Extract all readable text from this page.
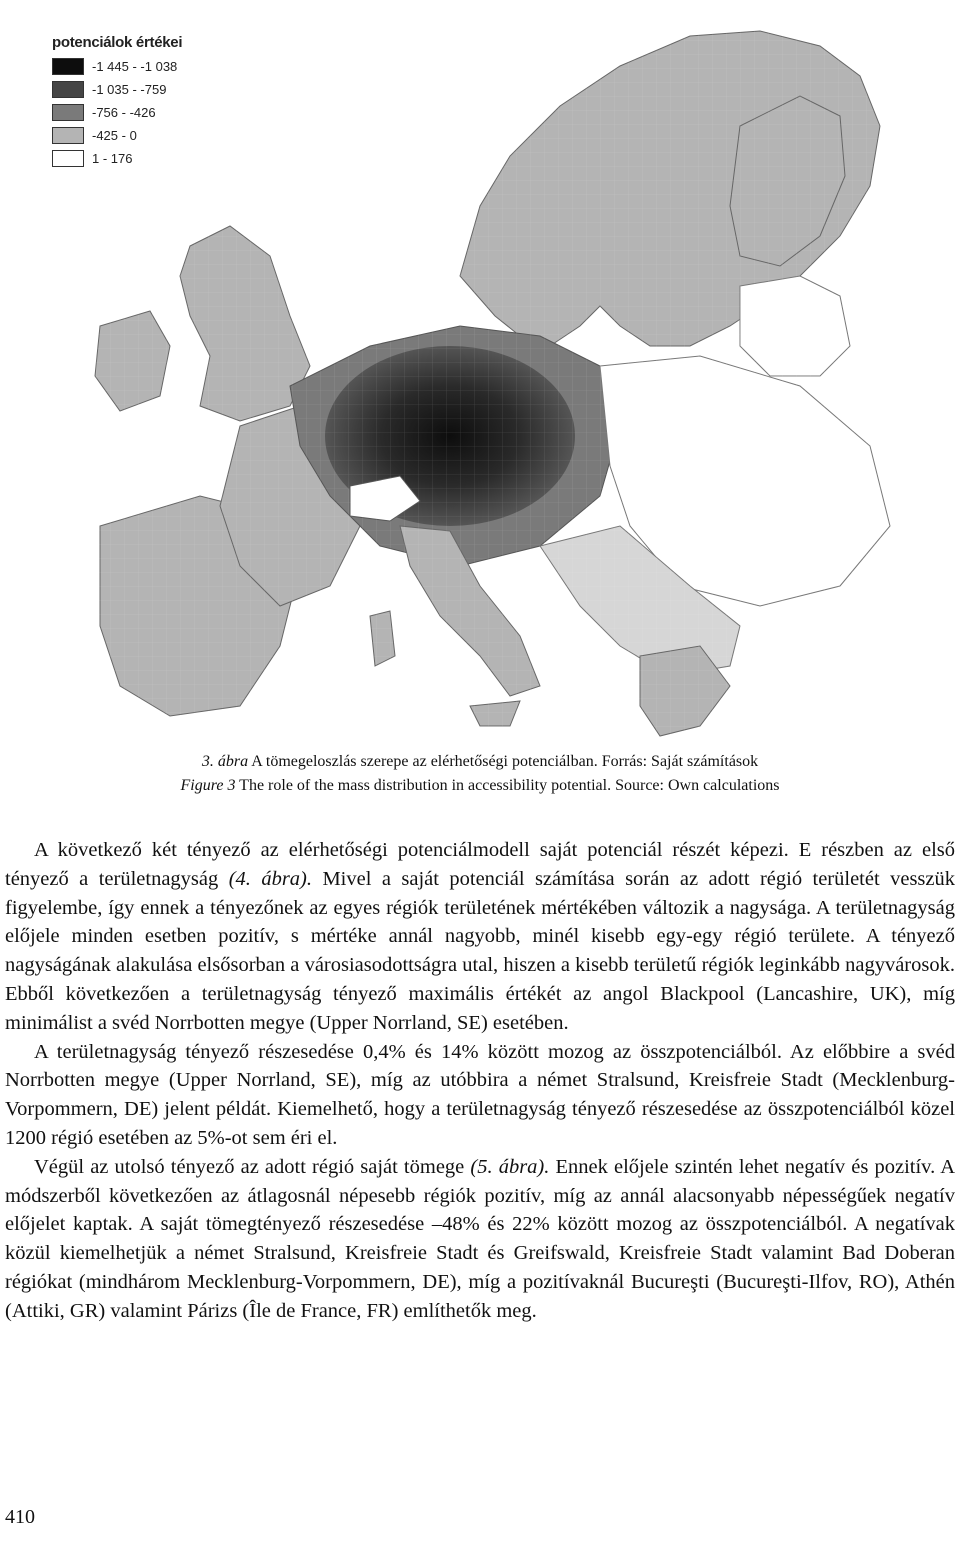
potenciálok értékei
-1 445 - -1 038
-1 035 - -759
-756 - -426
-425 - 0
1 - 176
3. ábra A tömegeloszlás szerepe az elérhetőségi potenciálban. Forrás: Saját számítások
Figure 3 The role of the mass distribution in accessibility potential. Source: Own calculations

A következő két tényező az elérhetőségi potenciálmodell saját potenciál részét képezi. E részben az első tényező a területnagyság (4. ábra). Mivel a saját potenciál számítása során az adott régió területét vesszük figyelembe, így ennek a tényezőnek az egyes régiók területének mértékében változik a nagysága. A területnagyság előjele minden esetben pozitív, s mértéke annál nagyobb, minél kisebb egy-egy régió területe. A tényező nagyságának alakulása elsősorban a városiasodottságra utal, hiszen a kisebb területű régiók leginkább nagyvárosok. Ebből következően a területnagyság tényező maximális értékét az angol Blackpool (Lancashire, UK), míg minimálist a svéd Norrbotten megye (Upper Norrland, SE) esetében.

A területnagyság tényező részesedése 0,4% és 14% között mozog az összpotenciálból. Az előbbire a svéd Norrbotten megye (Upper Norrland, SE), míg az utóbbira a német Stralsund, Kreisfreie Stadt (Mecklenburg-Vorpommern, DE) jelent példát. Kiemelhető, hogy a területnagyság tényező részesedése az összpotenciálból közel 1200 régió esetében az 5%-ot sem éri el.

Végül az utolsó tényező az adott régió saját tömege (5. ábra). Ennek előjele szintén lehet negatív és pozitív. A módszerből következően az átlagosnál népesebb régiók pozitív, míg az annál alacsonyabb népességűek negatív előjelet kaptak. A saját tömegtényező részesedése –48% és 22% között mozog az összpotenciálból. A negatívak közül kiemelhetjük a német Stralsund, Kreisfreie Stadt és Greifswald, Kreisfreie Stadt valamint Bad Doberan régiókat (mindhárom Mecklenburg-Vorpommern, DE), míg a pozitívaknál Bucureşti (Bucureşti-Ilfov, RO), Athén (Attiki, GR) valamint Párizs (Île de France, FR) említhetők meg.

410
